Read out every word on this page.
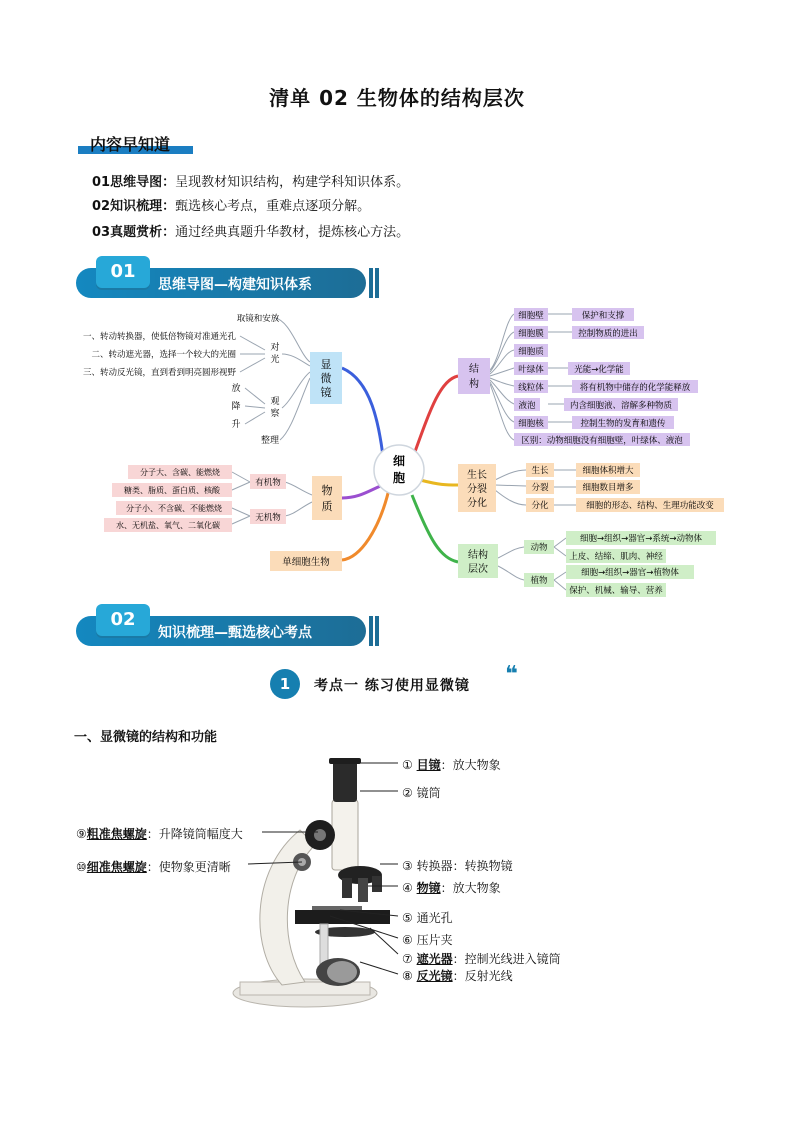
清单 02 生物体的结构层次
内容早知道
01思维导图：呈现教材知识结构，构建学科知识体系。
02知识梳理：甄选核心考点，重难点逐项分解。
03真题赏析：通过经典真题升华教材，提炼核心方法。
01
思维导图—构建知识体系
细
胞
显
微
镜
取镜和安放
对
光
一、转动转换器，使低倍物镜对准通光孔
二、转动遮光器，选择一个较大的光圈
三、转动反光镜，直到看到明亮圆形视野
观
察
放
降
升
整理
物
质
有机物
无机物
分子大、含碳、能燃烧
糖类、脂质、蛋白质、核酸
分子小、不含碳、不能燃烧
水、无机盐、氧气、二氧化碳
单细胞生物
结
构
细胞壁	保护和支撑
细胞膜	控制物质的进出
细胞质
叶绿体	光能→化学能
线粒体	将有机物中储存的化学能释放
液泡	内含细胞液、溶解多种物质
细胞核	控制生物的发育和遗传
区别：动物细胞没有细胞壁，叶绿体、液泡
生长
分裂
分化
生长	细胞体积增大
分裂	细胞数目增多
分化	细胞的形态、结构、生理功能改变
结构
层次
动物
细胞→组织→器官→系统→动物体
上皮、结缔、肌肉、神经
植物
细胞→组织→器官→植物体
保护、机械、输导、营养
02
知识梳理—甄选核心考点
1	考点一 练习使用显微镜 ❝
一、显微镜的结构和功能
① 目镜：放大物象
② 镜筒
⑨粗准焦螺旋：升降镜筒幅度大
⑩细准焦螺旋：使物象更清晰	③ 转换器：转换物镜
④ 物镜：放大物象
⑤ 通光孔
⑥ 压片夹
⑦ 遮光器：控制光线进入镜筒
⑧ 反光镜：反射光线
